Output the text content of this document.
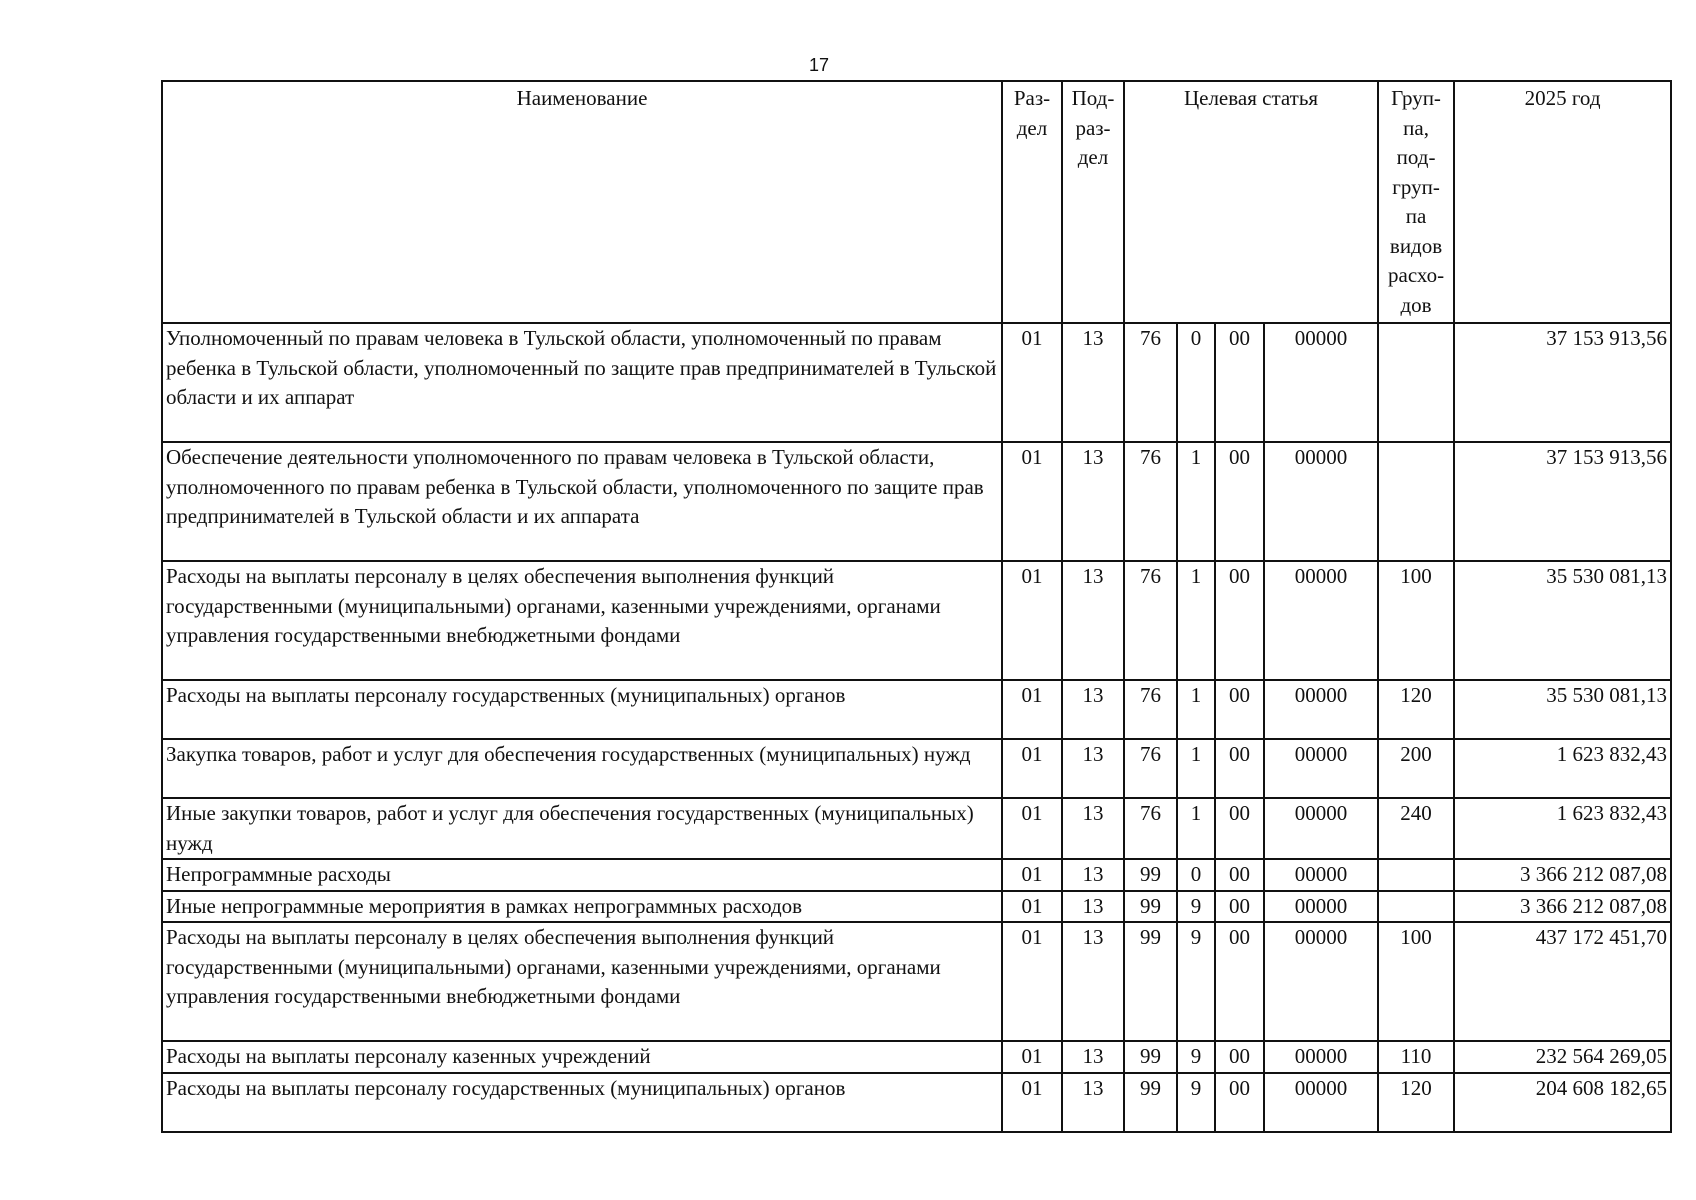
17
Наименование	Раз-дел	Под-раз-дел	Целевая статья				Груп-па, под-груп-па видов расхо-дов	2025 год
Уполномоченный по правам человека в Тульской области, уполномоченный по правам ребенка в Тульской области, уполномоченный по защите прав предпринимателей в Тульской области и их аппарат	01	13	76	0	00	00000		37 153 913,56
Обеспечение деятельности уполномоченного по правам человека в Тульской области, уполномоченного по правам ребенка в Тульской области, уполномоченного по защите прав предпринимателей в Тульской области и их аппарата	01	13	76	1	00	00000		37 153 913,56
Расходы на выплаты персоналу в целях обеспечения выполнения функций государственными (муниципальными) органами, казенными учреждениями, органами управления государственными внебюджетными фондами	01	13	76	1	00	00000	100	35 530 081,13
Расходы на выплаты персоналу государственных (муниципальных) органов	01	13	76	1	00	00000	120	35 530 081,13
Закупка товаров, работ и услуг для обеспечения государственных (муниципальных) нужд	01	13	76	1	00	00000	200	1 623 832,43
Иные закупки товаров, работ и услуг для обеспечения государственных (муниципальных) нужд	01	13	76	1	00	00000	240	1 623 832,43
Непрограммные расходы	01	13	99	0	00	00000		3 366 212 087,08
Иные непрограммные мероприятия в рамках непрограммных расходов	01	13	99	9	00	00000		3 366 212 087,08
Расходы на выплаты персоналу в целях обеспечения выполнения функций государственными (муниципальными) органами, казенными учреждениями, органами управления государственными внебюджетными фондами	01	13	99	9	00	00000	100	437 172 451,70
Расходы на выплаты персоналу казенных учреждений	01	13	99	9	00	00000	110	232 564 269,05
Расходы на выплаты персоналу государственных (муниципальных) органов	01	13	99	9	00	00000	120	204 608 182,65
